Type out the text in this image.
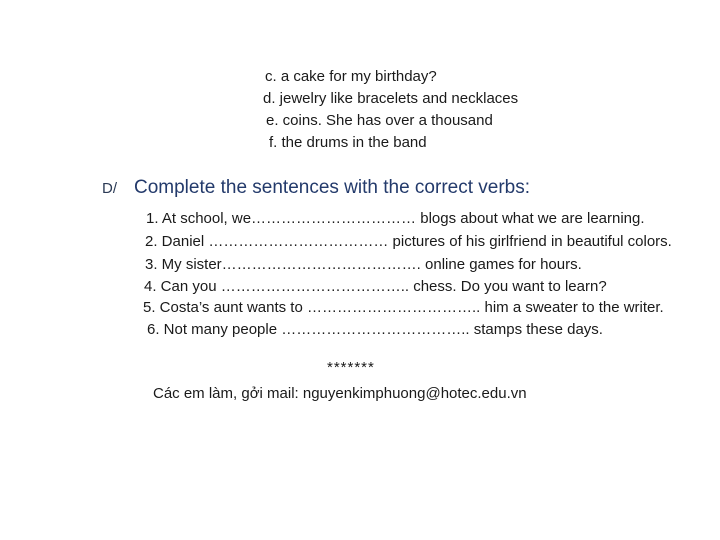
c. a cake for my birthday?
d. jewelry like bracelets and necklaces
e. coins. She has over a thousand
f. the drums in the band
D/ Complete the sentences with the correct verbs:
1. At school, we…………………………… blogs about what we are learning.
2. Daniel ……………………………… pictures of his girlfriend in beautiful colors.
3. My sister…………………………………. online games for hours.
4. Can you ……………………………….. chess. Do you want to learn?
5. Costa’s aunt wants to …………………………….. him a sweater to the writer.
6. Not many people ……………………………….. stamps these days.
*******
Các em làm, gởi mail: nguyenkimphuong@hotec.edu.vn
